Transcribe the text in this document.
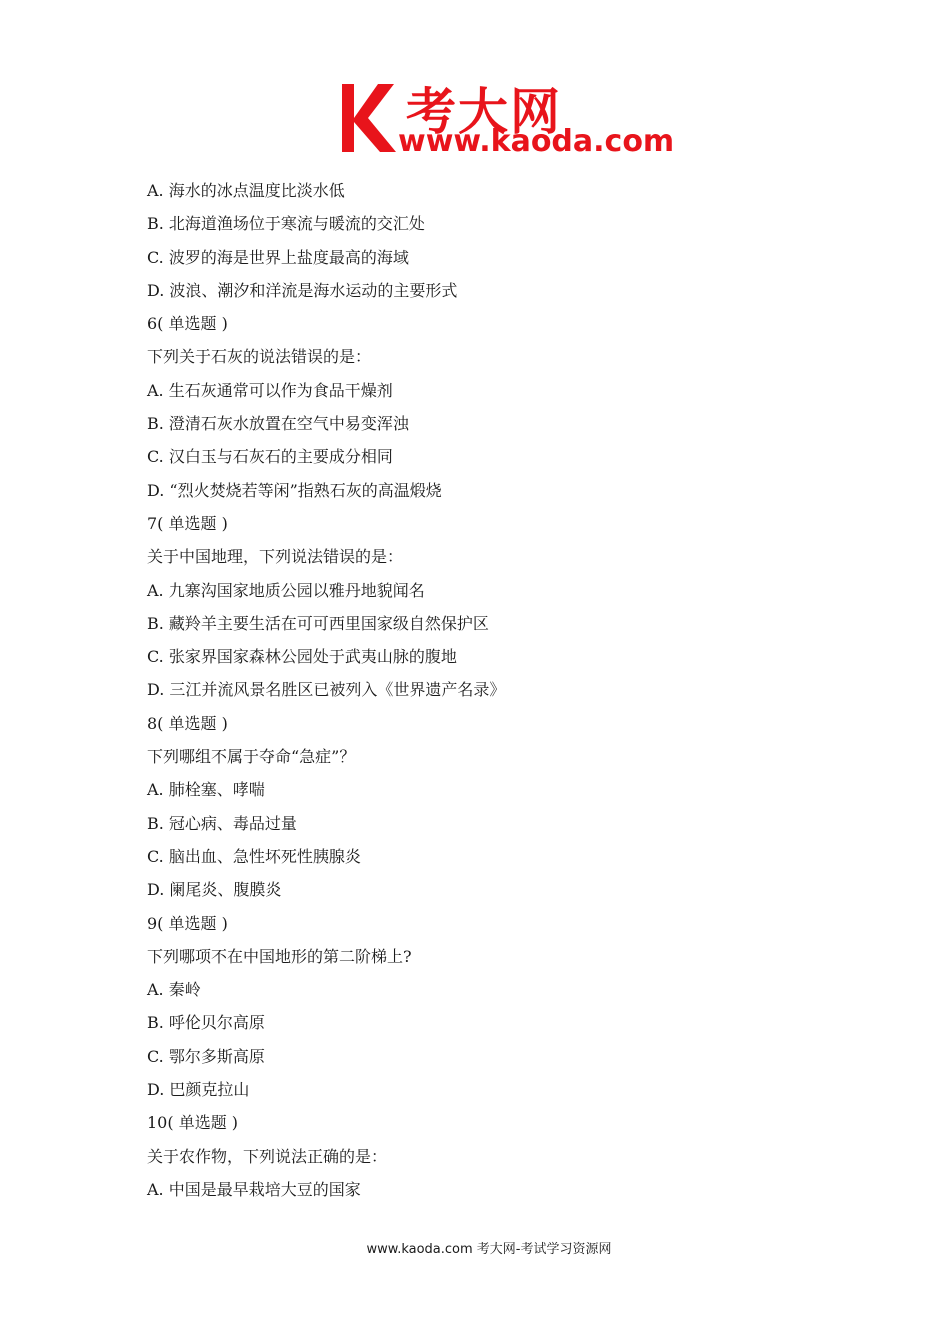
考大网
www.kaoda.com
A. 海水的冰点温度比淡水低
B. 北海道渔场位于寒流与暖流的交汇处
C. 波罗的海是世界上盐度最高的海域
D. 波浪、潮汐和洋流是海水运动的主要形式
6( 单选题 )
下列关于石灰的说法错误的是：
A. 生石灰通常可以作为食品干燥剂
B. 澄清石灰水放置在空气中易变浑浊
C. 汉白玉与石灰石的主要成分相同
D. “烈火焚烧若等闲”指熟石灰的高温煅烧
7( 单选题 )
关于中国地理，下列说法错误的是：
A. 九寨沟国家地质公园以雅丹地貌闻名
B. 藏羚羊主要生活在可可西里国家级自然保护区
C. 张家界国家森林公园处于武夷山脉的腹地
D. 三江并流风景名胜区已被列入《世界遗产名录》
8( 单选题 )
下列哪组不属于夺命“急症”？
A. 肺栓塞、哮喘
B. 冠心病、毒品过量
C. 脑出血、急性坏死性胰腺炎
D. 阑尾炎、腹膜炎
9( 单选题 )
下列哪项不在中国地形的第二阶梯上?
A. 秦岭
B. 呼伦贝尔高原
C. 鄂尔多斯高原
D. 巴颜克拉山
10( 单选题 )
关于农作物，下列说法正确的是：
A. 中国是最早栽培大豆的国家
www.kaoda.com 考大网-考试学习资源网
